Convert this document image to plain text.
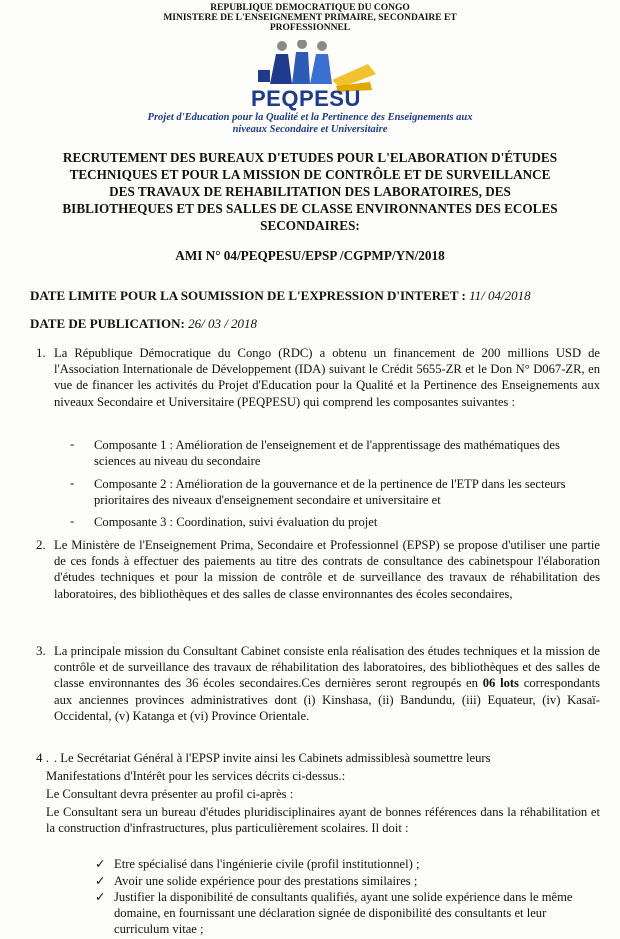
REPUBLIQUE DEMOCRATIQUE DU CONGO
MINISTERE DE L'ENSEIGNEMENT PRIMAIRE, SECONDAIRE ET
PROFESSIONNEL
PEQPESU
Projet d'Education pour la Qualité et la Pertinence des Enseignements aux
niveaux Secondaire et Universitaire
RECRUTEMENT DES BUREAUX D'ETUDES POUR L'ELABORATION D'ÉTUDES
TECHNIQUES ET POUR LA MISSION DE CONTRÔLE ET DE SURVEILLANCE
DES TRAVAUX DE REHABILITATION DES LABORATOIRES, DES
BIBLIOTHEQUES ET DES SALLES DE CLASSE ENVIRONNANTES DES ECOLES
SECONDAIRES:
AMI N° 04/PEQPESU/EPSP /CGPMP/YN/2018
DATE LIMITE POUR LA SOUMISSION DE L'EXPRESSION D'INTERET : 11/ 04/2018
DATE DE PUBLICATION: 26/ 03 / 2018
1. La République Démocratique du Congo (RDC) a obtenu un financement de 200 millions USD de l'Association Internationale de Développement (IDA) suivant le Crédit 5655-ZR et le Don N° D067-ZR, en vue de financer les activités du Projet d'Education pour la Qualité et la Pertinence des Enseignements aux niveaux Secondaire et Universitaire (PEQPESU) qui comprend les composantes suivantes :
- Composante 1 : Amélioration de l'enseignement et de l'apprentissage des mathématiques des sciences au niveau du secondaire
- Composante 2 : Amélioration de la gouvernance et de la pertinence de l'ETP dans les secteurs prioritaires des niveaux d'enseignement secondaire et universitaire et
- Composante 3 : Coordination, suivi évaluation du projet
2. Le Ministère de l'Enseignement Prima, Secondaire et Professionnel (EPSP) se propose d'utiliser une partie de ces fonds à effectuer des paiements au titre des contrats de consultance des cabinetspour l'élaboration d'études techniques et pour la mission de contrôle et de surveillance des travaux de réhabilitation des laboratoires, des bibliothèques et des salles de classe environnantes des écoles secondaires,
3. La principale mission du Consultant Cabinet consiste enla réalisation des études techniques et la mission de contrôle et de surveillance des travaux de réhabilitation des laboratoires, des bibliothèques et des salles de classe environnantes des 36 écoles secondaires.Ces dernières seront regroupés en 06 lots correspondants aux anciennes provinces administratives dont (i) Kinshasa, (ii) Bandundu, (iii) Equateur, (iv) Kasaï-Occidental, (v) Katanga et (vi) Province Orientale.
4 . . Le Secrétariat Général à l'EPSP invite ainsi les Cabinets admissiblesà soumettre leurs
Manifestations d'Intérêt pour les services décrits ci-dessus.:
Le Consultant devra présenter au profil ci-après :
Le Consultant sera un bureau d'études pluridisciplinaires ayant de bonnes références dans la réhabilitation et la construction d'infrastructures, plus particulièrement scolaires. Il doit :
✓ Etre spécialisé dans l'ingénierie civile (profil institutionnel) ;
✓ Avoir une solide expérience pour des prestations similaires ;
✓ Justifier la disponibilité de consultants qualifiés, ayant une solide expérience dans le même domaine, en fournissant une déclaration signée de disponibilité des consultants et leur curriculum vitae ;
